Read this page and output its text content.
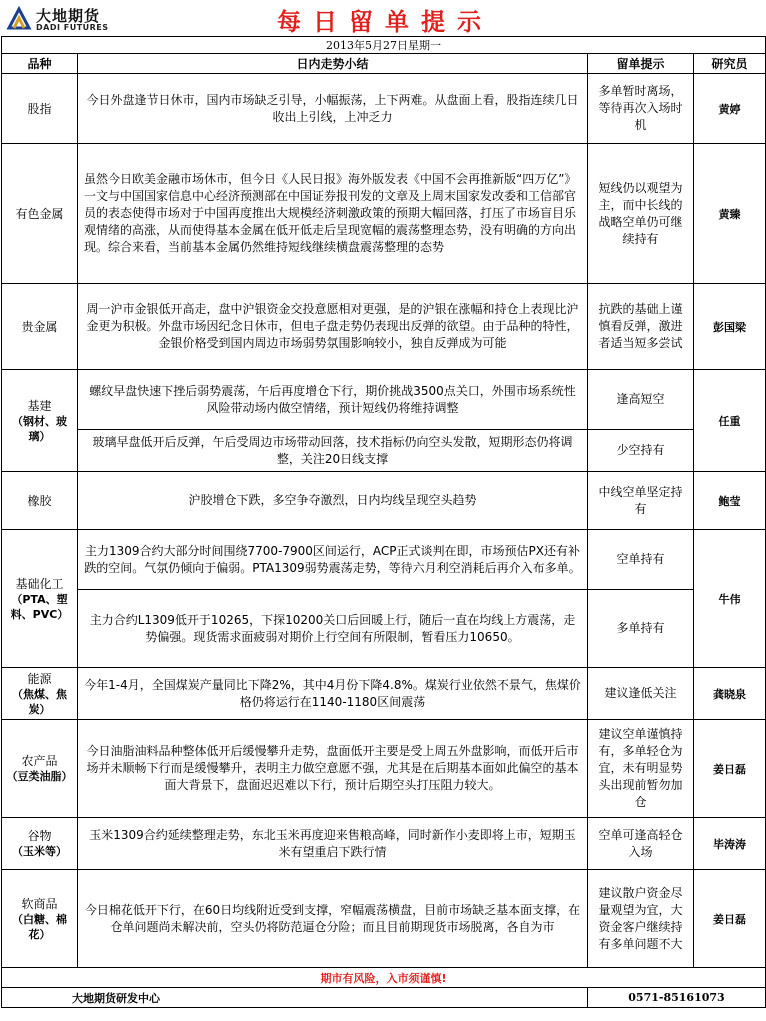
大地期货
DADI FUTURES	每日留单提示
2013年5月27日星期一			
品种	日内走势小结	留单提示	研究员
股指	今日外盘逢节日休市，国内市场缺乏引导，小幅振荡，上下两难。从盘面上看，股指连续几日收出上引线，上冲乏力	多单暂时离场，等待再次入场时机	黄婷
有色金属	虽然今日欧美金融市场休市，但今日《人民日报》海外版发表《中国不会再推新版“四万亿”》一文与中国国家信息中心经济预测部在中国证券报刊发的文章及上周末国家发改委和工信部官员的表态使得市场对于中国再度推出大规模经济刺激政策的预期大幅回落，打压了市场盲目乐观情绪的高涨，从而使得基本金属在低开低走后呈现宽幅的震荡整理态势，没有明确的方向出现。综合来看，当前基本金属仍然维持短线继续横盘震荡整理的态势	短线仍以观望为主，而中长线的战略空单仍可继续持有	黄臻
贵金属	周一沪市金银低开高走，盘中沪银资金交投意愿相对更强，是的沪银在涨幅和持仓上表现比沪金更为积极。外盘市场因纪念日休市，但电子盘走势仍表现出反弹的欲望。由于品种的特性，金银价格受到国内周边市场弱势氛围影响较小，独自反弹成为可能	抗跌的基础上谨慎看反弹，激进者适当短多尝试	彭国梁
基建
（钢材、玻璃）	螺纹早盘快速下挫后弱势震荡，午后再度增仓下行，期价挑战3500点关口，外围市场系统性风险带动场内做空情绪，预计短线仍将维持调整	逢高短空	任重
	玻璃早盘低开后反弹，午后受周边市场带动回落，技术指标仍向空头发散，短期形态仍将调整，关注20日线支撑	少空持有	
橡胶	沪胶增仓下跌，多空争夺激烈，日内均线呈现空头趋势	中线空单坚定持有	鲍莹
基础化工
（PTA、塑料、PVC）	主力1309合约大部分时间围绕7700-7900区间运行，ACP正式谈判在即，市场预估PX还有补跌的空间。气氛仍倾向于偏弱。PTA1309弱势震荡走势，等待六月利空消耗后再介入布多单。	空单持有	牛伟
	主力合约L1309低开于10265，下探10200关口后回暖上行，随后一直在均线上方震荡，走势偏强。现货需求面疲弱对期价上行空间有所限制，暂看压力10650。	多单持有	
能源
（焦煤、焦炭）	今年1-4月，全国煤炭产量同比下降2%，其中4月份下降4.8%。煤炭行业依然不景气，焦煤价格仍将运行在1140-1180区间震荡	建议逢低关注	龚晓泉
农产品
（豆类油脂）	今日油脂油料品种整体低开后缓慢攀升走势，盘面低开主要是受上周五外盘影响，而低开后市场并未顺畅下行而是缓慢攀升，表明主力做空意愿不强，尤其是在后期基本面如此偏空的基本面大背景下，盘面迟迟难以下行，预计后期空头打压阻力较大。	建议空单谨慎持有，多单轻仓为宜，未有明显势头出现前暂勿加仓	姜日磊
谷物
（玉米等）	玉米1309合约延续整理走势，东北玉米再度迎来售粮高峰，同时新作小麦即将上市，短期玉米有望重启下跌行情	空单可逢高轻仓入场	毕涛涛
软商品
（白糖、棉花）	今日棉花低开下行，在60日均线附近受到支撑，窄幅震荡横盘，目前市场缺乏基本面支撑，在仓单问题尚未解决前，空头仍将防范逼仓分险；而且目前期现货市场脱离，各自为市	建议散户资金尽量观望为宜，大资金客户继续持有多单问题不大	姜日磊
期市有风险，入市须谨慎!			
大地期货研发中心		0571-85161073	
